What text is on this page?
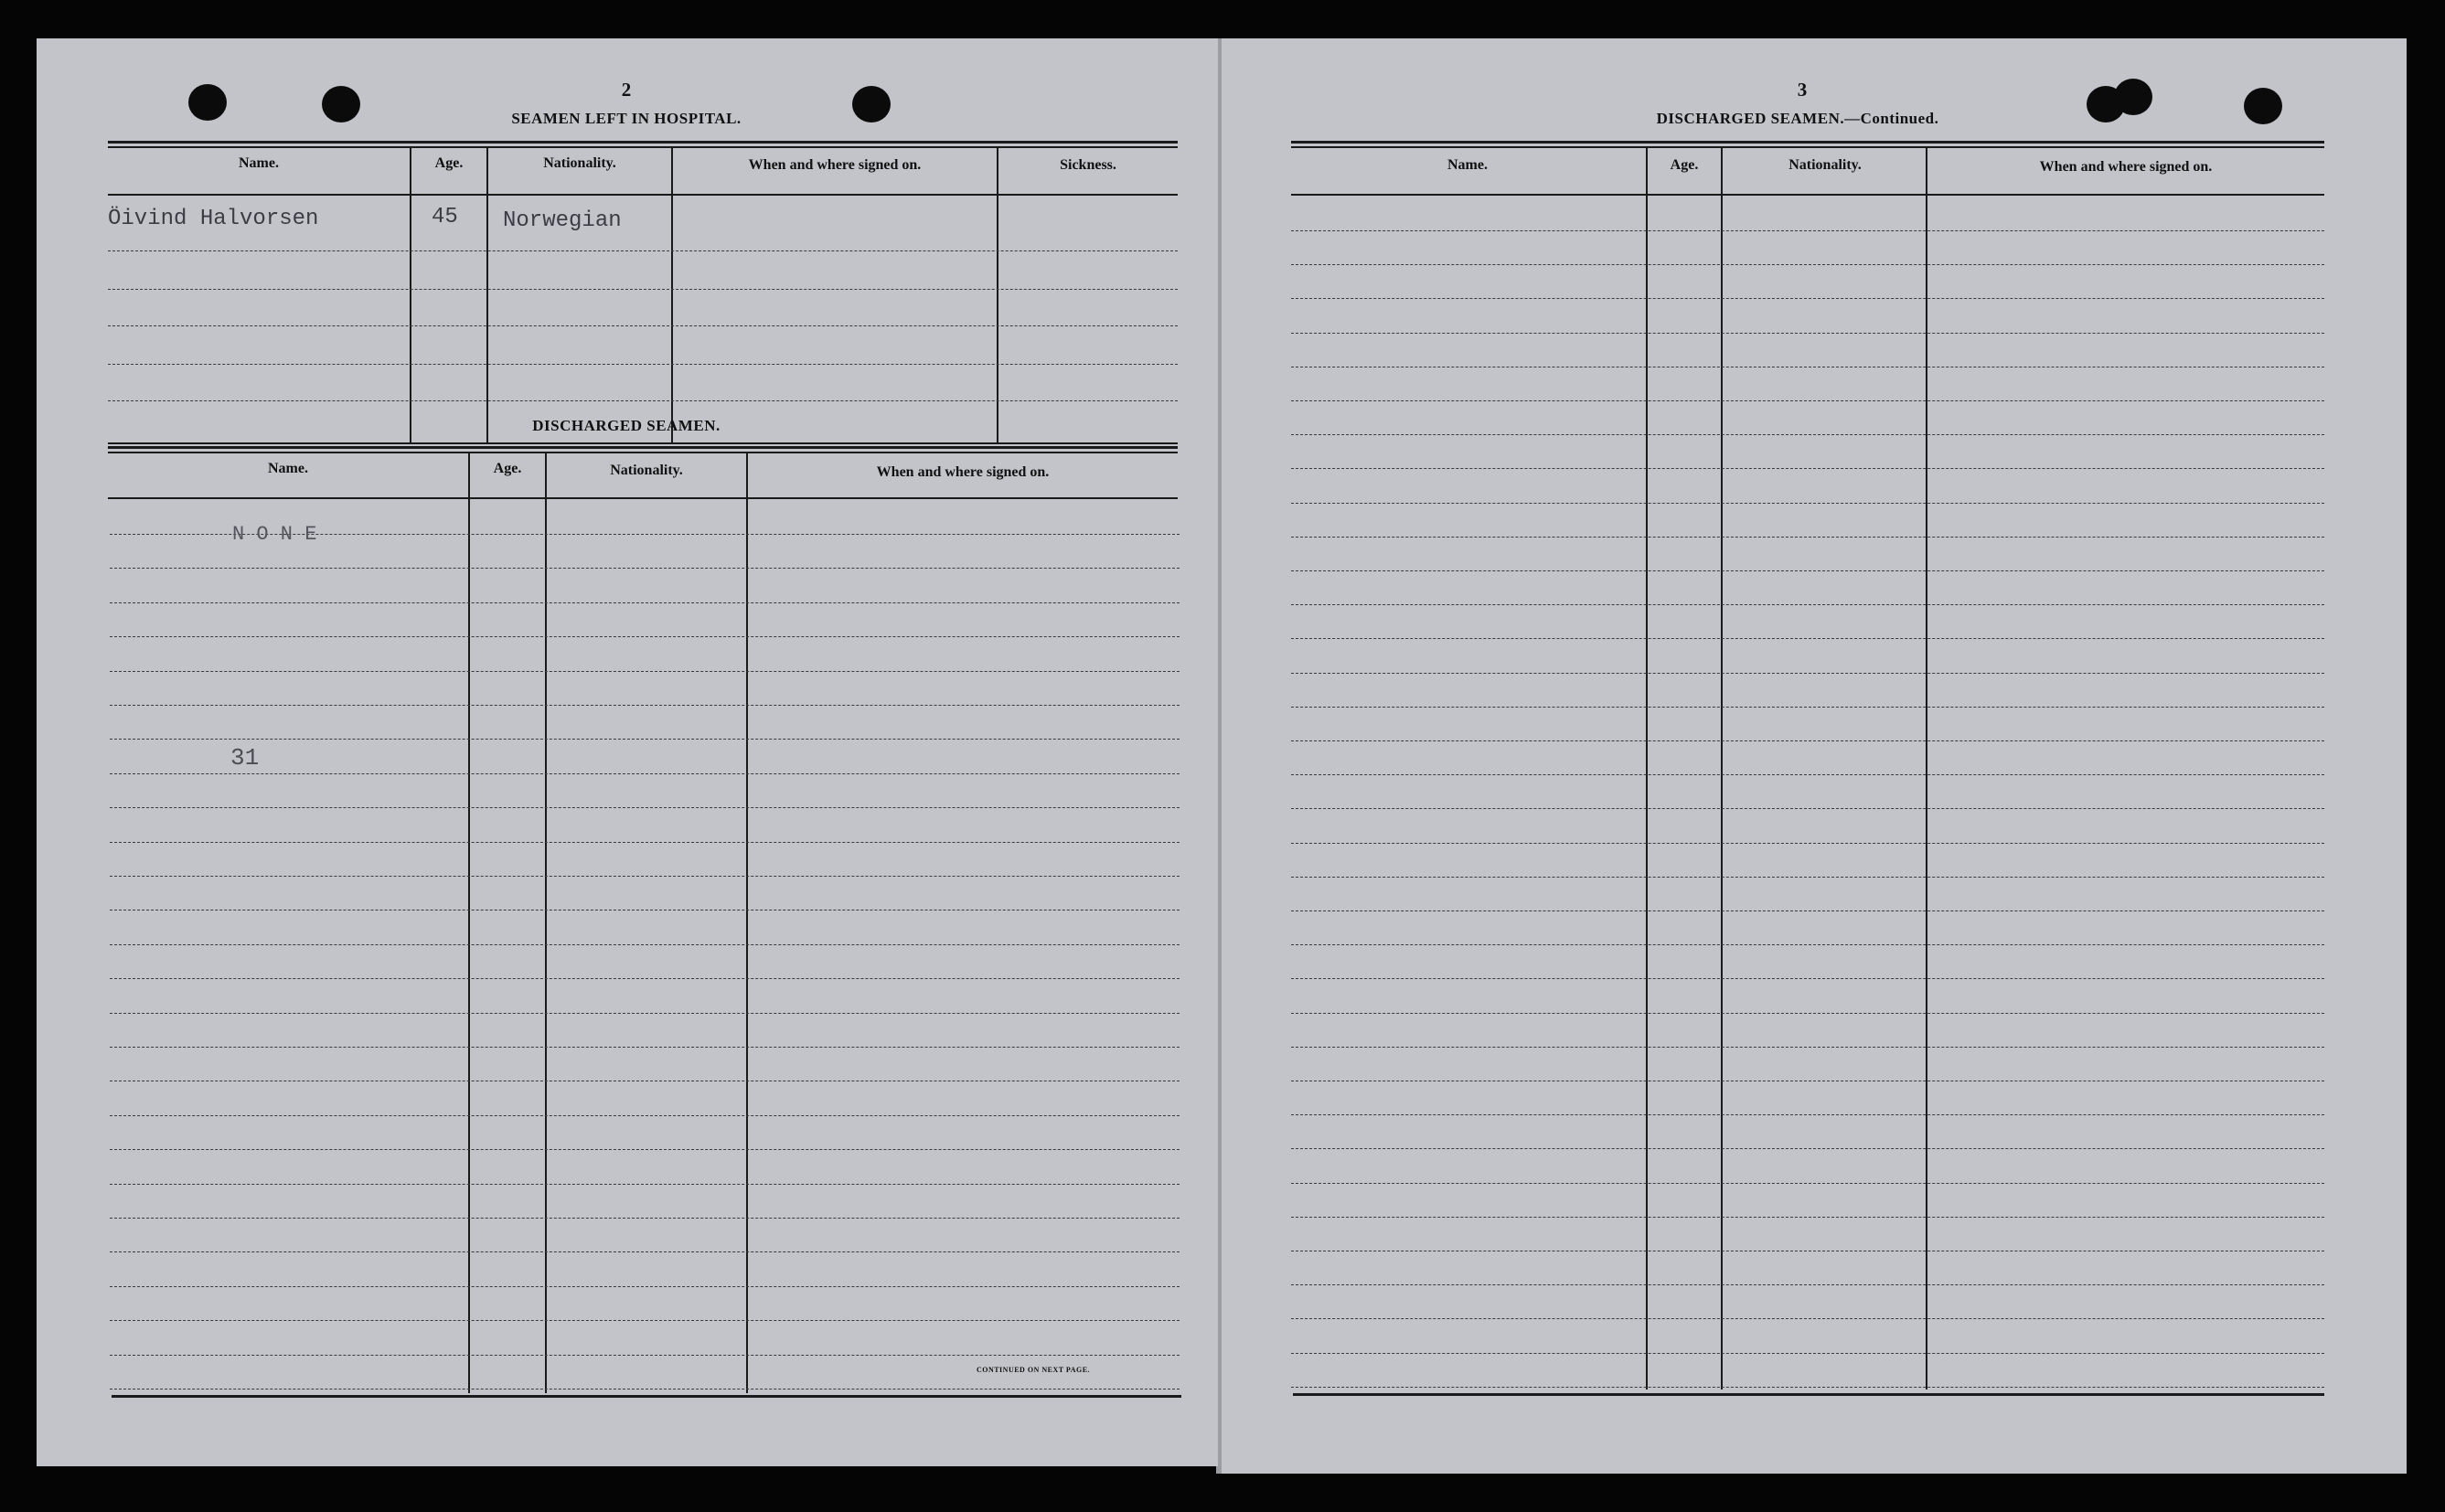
2
SEAMEN LEFT IN HOSPITAL.
Name.	Age.	Nationality.	When and where signed on.	Sickness.
Öivind Halvorsen	45 Norwegian
DISCHARGED SEAMEN.
Name.	Age.	Nationality.	When and where signed on.
N O N E
31
CONTINUED ON NEXT PAGE.
3
DISCHARGED SEAMEN.—Continued.
Name.	Age.	Nationality.	When and where signed on.
